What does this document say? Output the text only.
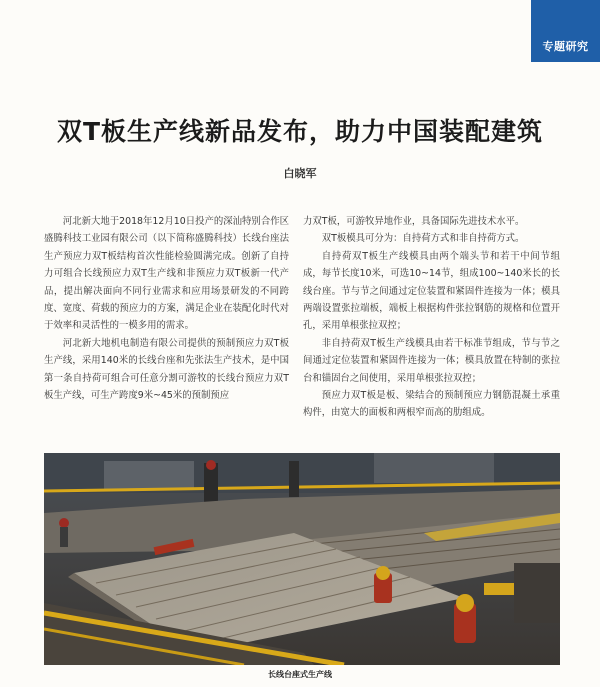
专题研究
双T板生产线新品发布，助力中国装配建筑
白晓军

河北新大地于2018年12月10日投产的深汕特别合作区盛腾科技工业园有限公司（以下简称盛腾科技）长线台座法生产预应力双T板结构首次性能检验圆满完成。创新了自持力可组合长线预应力双T生产线和非预应力双T板新一代产品，提出解决面向不同行业需求和应用场景研发的不同跨度、宽度、荷载的预应力的方案，满足企业在装配化时代对于效率和灵活性的一模多用的需求。

河北新大地机电制造有限公司提供的预制预应力双T板生产线，采用140米的长线台座和先张法生产技术，是中国第一条自持荷可组合可任意分割可游牧的长线台预应力双T板生产线，可生产跨度9米~45米的预制预应

力双T板，可游牧异地作业，具备国际先进技术水平。

双T板模具可分为：自持荷方式和非自持荷方式。

自持荷双T板生产线模具由两个端头节和若干中间节组成，每节长度10米，可选10~14节，组成100~140米长的长线台座。节与节之间通过定位装置和紧固件连接为一体；模具两端设置张拉端板，端板上根据构件张拉钢筋的规格和位置开孔，采用单根张拉双控；

非自持荷双T板生产线模具由若干标准节组成，节与节之间通过定位装置和紧固件连接为一体；模具放置在特制的张拉台和锚固台之间使用，采用单根张拉双控；

预应力双T板是板、梁结合的预制预应力钢筋混凝土承重构件，由宽大的面板和两根窄而高的肋组成。

长线台座式生产线
